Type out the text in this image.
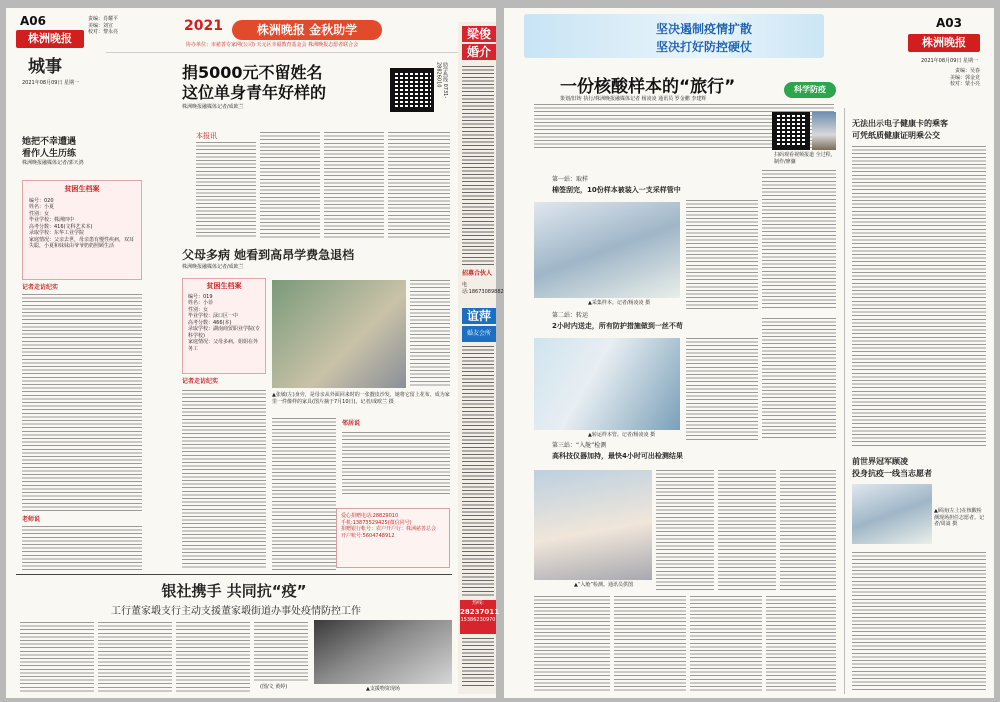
A06
株洲晚报
城事
2021年08月09日 星期一
责编：肖耀平
美编：刘宣
校对：黎永亮	2021	株洲晚报 金秋助学
协办单位：市慈善专家网(公司) 天元区幸福教育基金会 株洲晚报志愿者联合会
捐5000元不留姓名
这位单身青年好样的
株洲晚报融媒体记者/成欧兰
助学热线 0731-28826010
本报讯
她把不幸遭遇
看作人生历练
株洲晚报融媒体记者/郭天鸿
贫困生档案
编号：020
姓名：小夏
性别：女
毕业学校：株洲四中
高考分数：416(文科艺术本)
录取学校：东华工业学院
家庭情况：父亲去世，母亲患有慢性疾病，双耳失聪，小夏和妹妹由爷爷奶奶照顾生活
记者走访纪实
老师说
父母多病 她看到高昂学费急退档
株洲晚报融媒体记者/成欧兰
贫困生档案
编号：019
姓名：小菲
性别：女
毕业学校：渌口区一中
高考分数：466(本)
录取学校：湖南商贸职业学院(专科学校)
家庭情况：父母多病，姐姐在外务工
▲张敏(左)身旁，是母亲从外面回来时的一张靓皮沙发，她将它留上花布，成为家里一件像样的家具(图片摘于7月10日)。记者/成欧兰 摄
记者走访纪实
邻居说
爱心捐赠电话:28829010
手机:13873529425(微信同号)
捐赠银行帐号：农户开户行：株洲慈善总会
开户账号:5604748912
梁俊
婚介
招募合伙人
电话:18673089882
谊萍
婚友会所
热线:
28237011
15386230970
银社携手 共同抗“疫”
工行董家塅支行主动支援董家塅街道办事处疫情防控工作
(图/文 黄婷)	▲支援物资现场
坚决遏制疫情扩散
坚决打好防控硬仗
A03
株洲晚报
2021年08月09日 星期一
责编：吴春
美编：郭金竞
校对：蒙小亮
一份核酸样本的“旅行”	科学防疫
扫码观看视频报道 全过程，制作/廖骧
策划/旧铸 执行/株洲晚报融媒体记者 杨凌凌 通讯员 罗金鹏 李建辉
第一站：取样
棉签刮完，10份样本被装入一支采样管中
▲采集样本。记者/杨凌凌 摄
第二站：转运
2小时内送走，所有防护措施做到一丝不苟
▲转运样本管。记者/杨凌凌 摄
第三站：“入舱”检测
高科技仪器加持，最快4小时可出检测结果
▲“入舱”检测。通讯员供图
无法出示电子健康卡的乘客
可凭纸质健康证明乘公交
前世界冠军顾凌
投身抗疫一线当志愿者
▲顾凌(左上)在核酸检测现场担任志愿者。记者/周嵩 摄
